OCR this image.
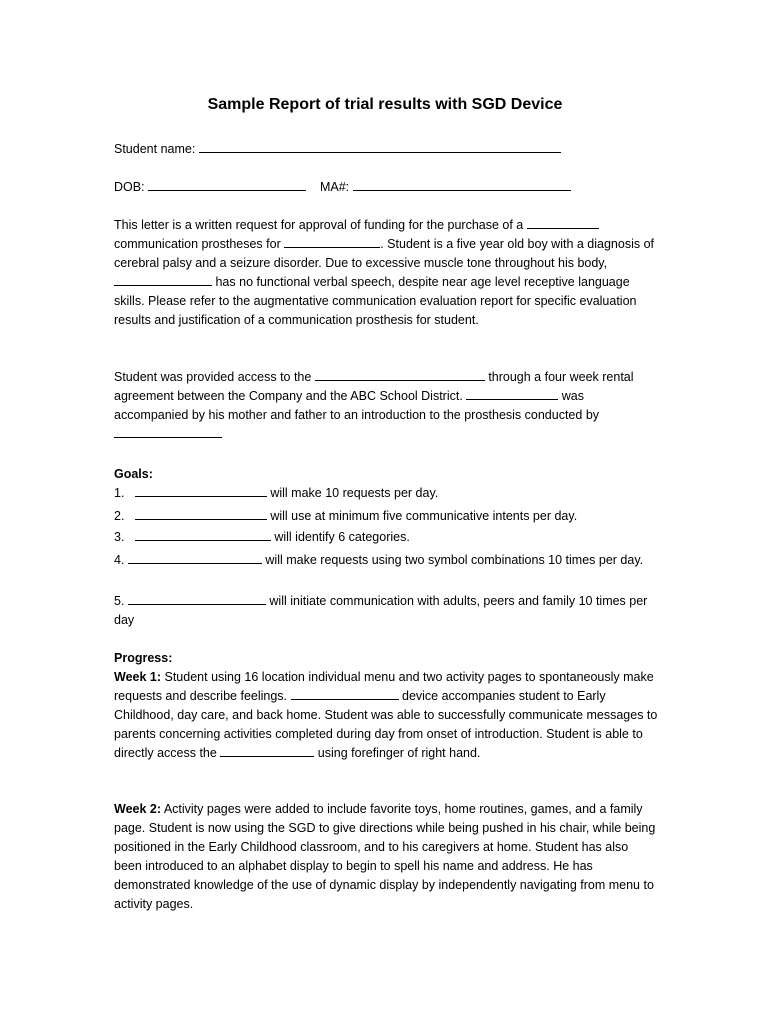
Sample Report of trial results with SGD Device
Student name:
DOB:	MA#:
This letter is a written request for approval of funding for the purchase of a  communication prostheses for	. Student is a five year old boy with a diagnosis of cerebral palsy and a seizure disorder. Due to excessive muscle tone throughout his body,  has no functional verbal speech, despite near age level receptive language skills. Please refer to the augmentative communication evaluation report for specific evaluation results and justification of a communication prosthesis for student.
Student was provided access to the	through a four week rental agreement between the Company and the ABC School District.	was accompanied by his mother and father to an introduction to the prosthesis conducted by
Goals:
1.	will make 10 requests per day.
2.	will use at minimum five communicative intents per day.
3.	will identify 6 categories.
4.	will make requests using two symbol combinations 10 times per day.
5.	will initiate communication with adults, peers and family 10 times per day
Progress:
Week 1: Student using 16 location individual menu and two activity pages to spontaneously make requests and describe feelings.	device accompanies student to Early Childhood, day care, and back home. Student was able to successfully communicate messages to parents concerning activities completed during day from onset of introduction. Student is able to directly access the	using forefinger of right hand.
Week 2: Activity pages were added to include favorite toys, home routines, games, and a family page. Student is now using the SGD to give directions while being pushed in his chair, while being positioned in the Early Childhood classroom, and to his caregivers at home. Student has also been introduced to an alphabet display to begin to spell his name and address. He has demonstrated knowledge of the use of dynamic display by independently navigating from menu to activity pages.
